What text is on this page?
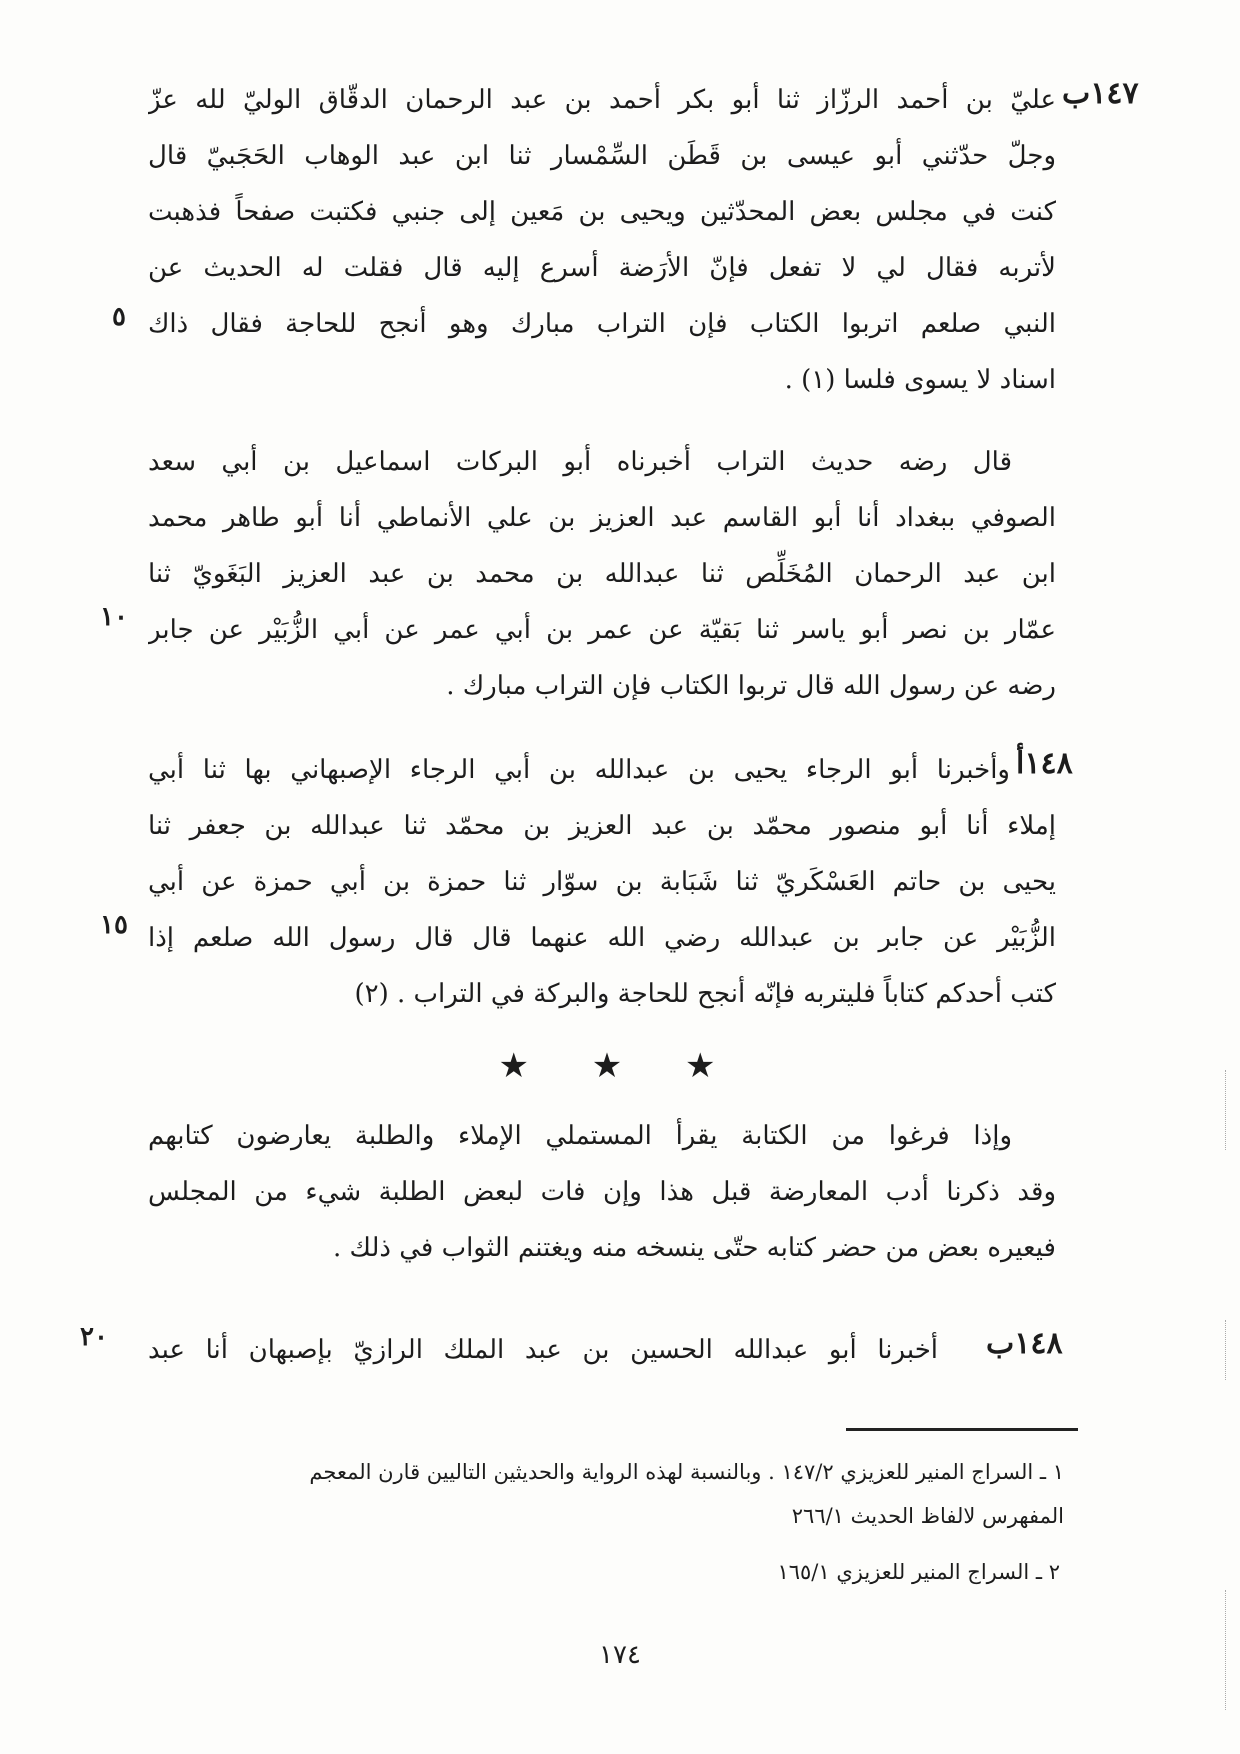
١٤٧ب
عليّ بن أحمد الرزّاز ثنا أبو بكر أحمد بن عبد الرحمان الدقّاق الوليّ لله عزّ
وجلّ حدّثني أبو عيسى بن قَطَن السِّمْسار ثنا ابن عبد الوهاب الحَجَبيّ قال
كنت في مجلس بعض المحدّثين ويحيى بن مَعين إلى جنبي فكتبت صفحاً فذهبت
لأتربه فقال لي لا تفعل فإنّ الأرَضة أسرع إليه قال فقلت له الحديث عن
النبي صلعم اتربوا الكتاب فإن التراب مبارك وهو أنجح للحاجة فقال ذاك
اسناد لا يسوى فلسا (١) .
٥
قال رضه حديث التراب أخبرناه أبو البركات اسماعيل بن أبي سعد
الصوفي ببغداد أنا أبو القاسم عبد العزيز بن علي الأنماطي أنا أبو طاهر محمد
ابن عبد الرحمان المُخَلِّص ثنا عبدالله بن محمد بن عبد العزيز البَغَويّ ثنا
عمّار بن نصر أبو ياسر ثنا بَقيّة عن عمر بن أبي عمر عن أبي الزُّبَيْر عن جابر
رضه عن رسول الله قال تربوا الكتاب فإن التراب مبارك .
١٠
١٤٨أ
وأخبرنا أبو الرجاء يحيى بن عبدالله بن أبي الرجاء الإصبهاني بها ثنا أبي
إملاء أنا أبو منصور محمّد بن عبد العزيز بن محمّد ثنا عبدالله بن جعفر ثنا
يحيى بن حاتم العَسْكَريّ ثنا شَبَابة بن سوّار ثنا حمزة بن أبي حمزة عن أبي
الزُّبَيْر عن جابر بن عبدالله رضي الله عنهما قال قال رسول الله صلعم إذا
كتب أحدكم كتاباً فليتربه فإنّه أنجح للحاجة والبركة في التراب . (٢)
١٥
★ ★ ★
وإذا فرغوا من الكتابة يقرأ المستملي الإملاء والطلبة يعارضون كتابهم
وقد ذكرنا أدب المعارضة قبل هذا وإن فات لبعض الطلبة شيء من المجلس
فيعيره بعض من حضر كتابه حتّى ينسخه منه ويغتنم الثواب في ذلك .
١٤٨ب
أخبرنا أبو عبدالله الحسين بن عبد الملك الرازيّ بإصبهان أنا عبد
٢٠
١ ـ السراج المنير للعزيزي ١٤٧/٢ . وبالنسبة لهذه الرواية والحديثين التاليين قارن المعجم
المفهرس لالفاظ الحديث ٢٦٦/١
٢ ـ السراج المنير للعزيزي ١٦٥/١
١٧٤
